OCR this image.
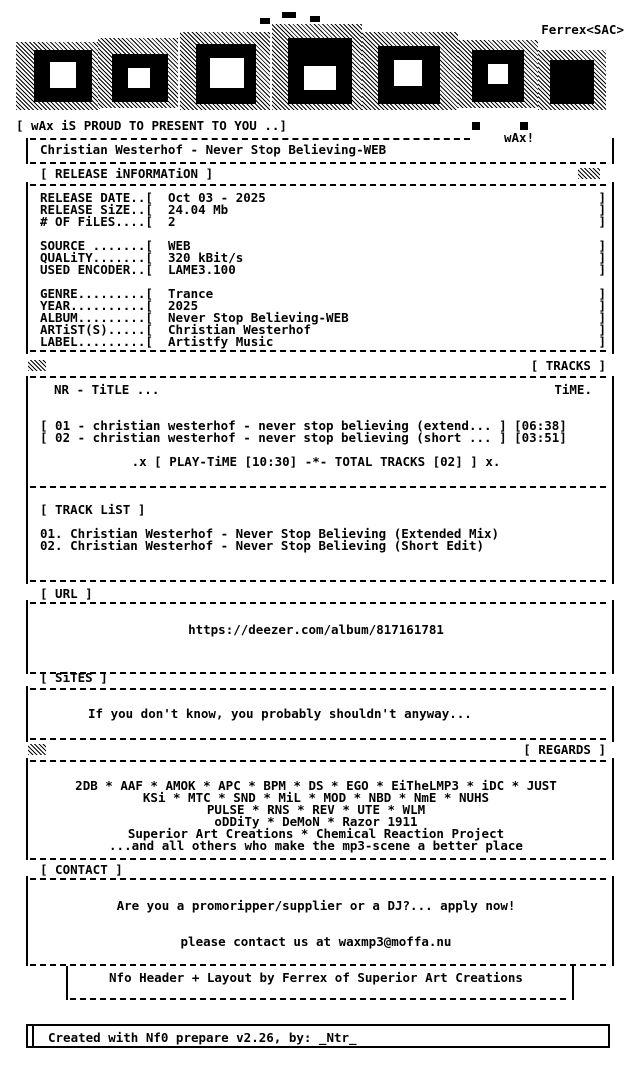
Ferrex<SAC>
[ wAx iS PROUD TO PRESENT TO YOU ..]
wAx!
Christian Westerhof - Never Stop Believing-WEB
[ RELEASE iNFORMATiON ]
RELEASE DATE..[ Oct 03 - 2025	]
RELEASE SiZE..[ 24.04 Mb	]
# OF FiLES....[ 2	]
SOURCE .......[ WEB	]
QUALiTY.......[ 320 kBit/s	]
USED ENCODER..[ LAME3.100	]
GENRE.........[ Trance	]
YEAR..........[ 2025	]
ALBUM.........[ Never Stop Believing-WEB	]
ARTiST(S).....[ Christian Westerhof	]
LABEL.........[ Artistfy Music	]
[ TRACKS ]
NR - TiTLE ...	TiME.
[ 01 - christian westerhof - never stop believing (extend... ] [06:38]
[ 02 - christian westerhof - never stop believing (short ... ] [03:51]
.x [ PLAY-TiME [10:30] -*- TOTAL TRACKS [02] ] x.
[ TRACK LiST ]
01. Christian Westerhof - Never Stop Believing (Extended Mix)
02. Christian Westerhof - Never Stop Believing (Short Edit)
[ URL ]
https://deezer.com/album/817161781
[ SiTES ]
If you don't know, you probably shouldn't anyway...
[ REGARDS ]
2DB * AAF * AMOK * APC * BPM * DS * EGO * EiTheLMP3 * iDC * JUST
KSi * MTC * SND * MiL * MOD * NBD * NmE * NUHS
PULSE * RNS * REV * UTE * WLM
oDDiTy * DeMoN * Razor 1911
Superior Art Creations * Chemical Reaction Project
...and all others who make the mp3-scene a better place
[ CONTACT ]
Are you a promoripper/supplier or a DJ?... apply now!
please contact us at waxmp3@moffa.nu
Nfo Header + Layout by Ferrex of Superior Art Creations
Created with Nf0 prepare v2.26, by: _Ntr_
